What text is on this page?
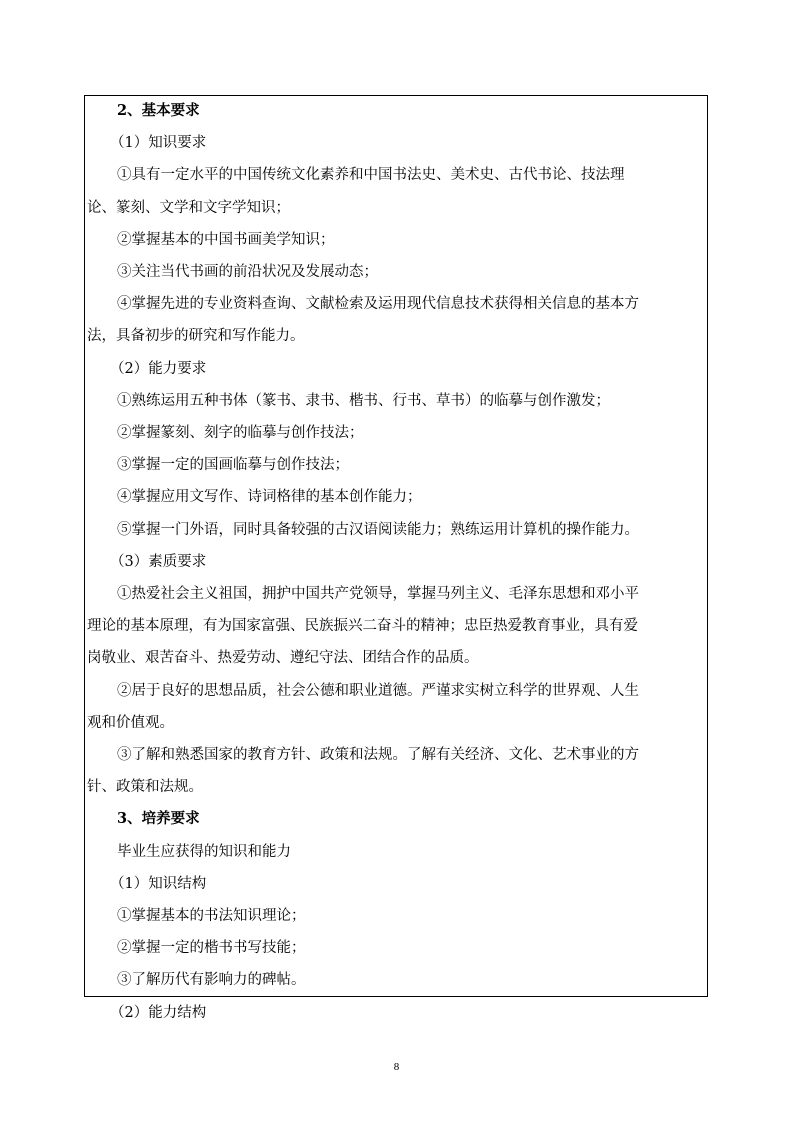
2、基本要求
（1）知识要求
①具有一定水平的中国传统文化素养和中国书法史、美术史、古代书论、技法理
论、篆刻、文学和文字学知识；
②掌握基本的中国书画美学知识；
③关注当代书画的前沿状况及发展动态；
④掌握先进的专业资料查询、文献检索及运用现代信息技术获得相关信息的基本方
法，具备初步的研究和写作能力。
（2）能力要求
①熟练运用五种书体（篆书、隶书、楷书、行书、草书）的临摹与创作激发；
②掌握篆刻、刻字的临摹与创作技法；
③掌握一定的国画临摹与创作技法；
④掌握应用文写作、诗词格律的基本创作能力；
⑤掌握一门外语，同时具备较强的古汉语阅读能力；熟练运用计算机的操作能力。
（3）素质要求
①热爱社会主义祖国，拥护中国共产党领导，掌握马列主义、毛泽东思想和邓小平
理论的基本原理，有为国家富强、民族振兴二奋斗的精神；忠臣热爱教育事业，具有爱
岗敬业、艰苦奋斗、热爱劳动、遵纪守法、团结合作的品质。
②居于良好的思想品质，社会公德和职业道德。严谨求实树立科学的世界观、人生
观和价值观。
③了解和熟悉国家的教育方针、政策和法规。了解有关经济、文化、艺术事业的方
针、政策和法规。
3、培养要求
毕业生应获得的知识和能力
（1）知识结构
①掌握基本的书法知识理论；
②掌握一定的楷书书写技能；
③了解历代有影响力的碑帖。
（2）能力结构
8
